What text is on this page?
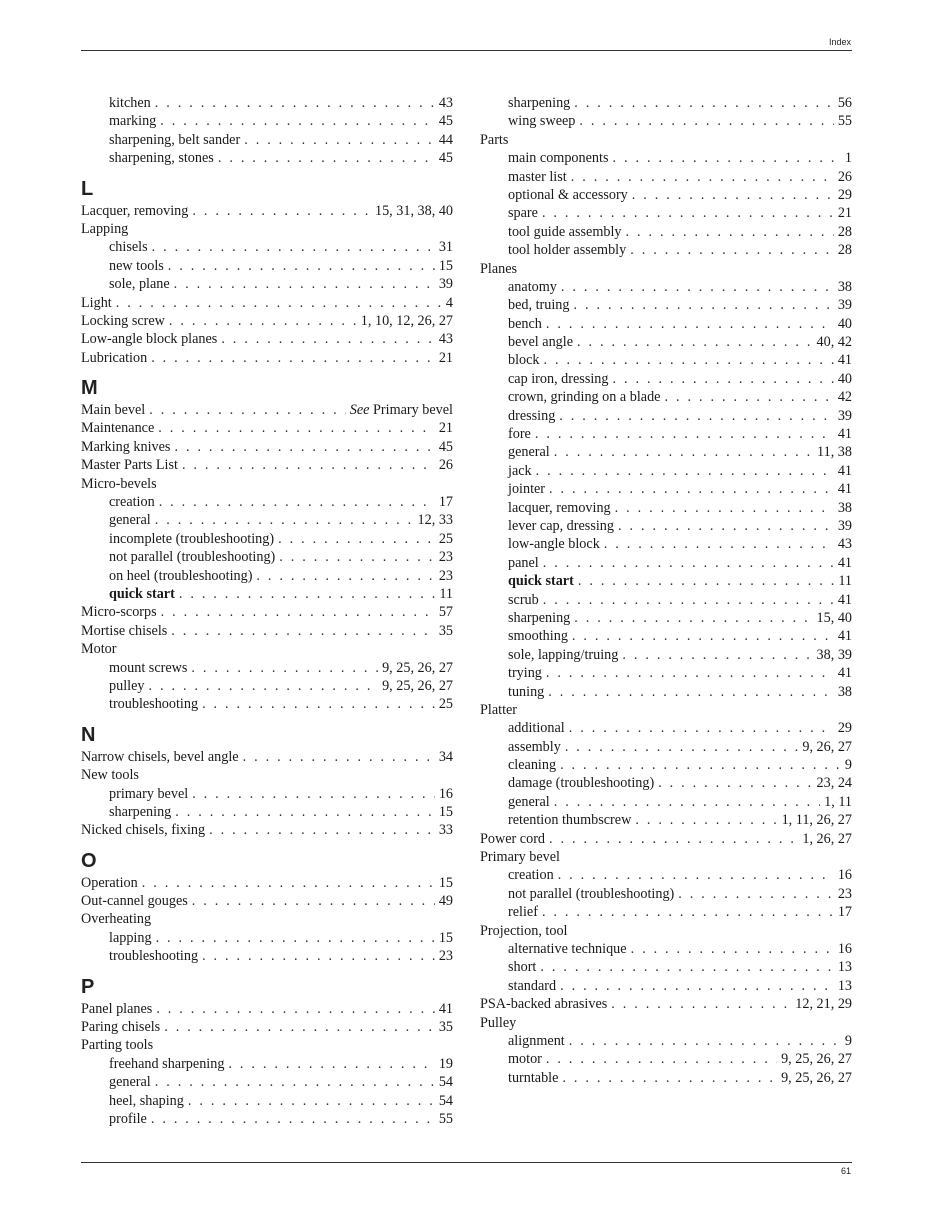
Index
kitchen . . .	43
marking . . .	45
sharpening, belt sander . . .	44
sharpening, stones . . .	45
L
Lacquer, removing . . .	15, 31, 38, 40
Lapping
chisels . . .	31
new tools . . .	15
sole, plane . . .	39
Light . . .	4
Locking screw . . .	1, 10, 12, 26, 27
Low-angle block planes . . .	43
Lubrication . . .	21
M
Main bevel . . .	See Primary bevel
Maintenance . . .	21
Marking knives . . .	45
Master Parts List . . .	26
Micro-bevels
creation . . .	17
general . . .	12, 33
incomplete (troubleshooting) . . .	25
not parallel (troubleshooting) . . .	23
on heel (troubleshooting) . . .	23
quick start . . .	11
Micro-scorps . . .	57
Mortise chisels . . .	35
Motor
mount screws . . .	9, 25, 26, 27
pulley . . .	9, 25, 26, 27
troubleshooting . . .	25
N
Narrow chisels, bevel angle . . .	34
New tools
primary bevel . . .	16
sharpening . . .	15
Nicked chisels, fixing . . .	33
O
Operation . . .	15
Out-cannel gouges . . .	49
Overheating
lapping . . .	15
troubleshooting . . .	23
P
Panel planes . . .	41
Paring chisels . . .	35
Parting tools
freehand sharpening . . .	19
general . . .	54
heel, shaping . . .	54
profile . . .	55
sharpening . . .	56
wing sweep . . .	55
Parts
main components . . .	1
master list . . .	26
optional & accessory . . .	29
spare . . .	21
tool guide assembly . . .	28
tool holder assembly . . .	28
Planes
anatomy . . .	38
bed, truing . . .	39
bench . . .	40
bevel angle . . .	40, 42
block . . .	41
cap iron, dressing . . .	40
crown, grinding on a blade . . .	42
dressing . . .	39
fore . . .	41
general . . .	11, 38
jack . . .	41
jointer . . .	41
lacquer, removing . . .	38
lever cap, dressing . . .	39
low-angle block . . .	43
panel . . .	41
quick start . . .	11
scrub . . .	41
sharpening . . .	15, 40
smoothing . . .	41
sole, lapping/truing . . .	38, 39
trying . . .	41
tuning . . .	38
Platter
additional . . .	29
assembly . . .	9, 26, 27
cleaning . . .	9
damage (troubleshooting) . . .	23, 24
general . . .	1, 11
retention thumbscrew . . .	1, 11, 26, 27
Power cord . . .	1, 26, 27
Primary bevel
creation . . .	16
not parallel (troubleshooting) . . .	23
relief . . .	17
Projection, tool
alternative technique . . .	16
short . . .	13
standard . . .	13
PSA-backed abrasives . . .	12, 21, 29
Pulley
alignment . . .	9
motor . . .	9, 25, 26, 27
turntable . . .	9, 25, 26, 27
61
